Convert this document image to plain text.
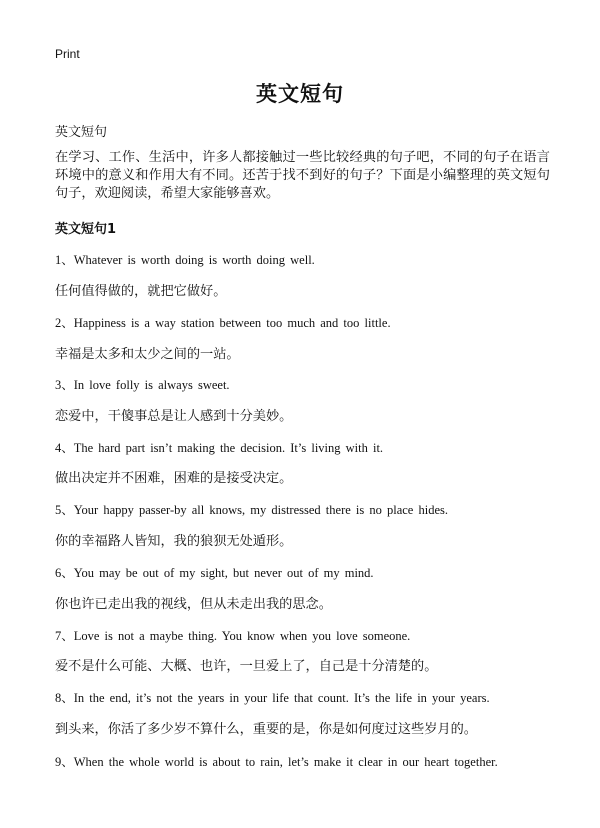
Print
英文短句
英文短句
在学习、工作、生活中，许多人都接触过一些比较经典的句子吧，不同的句子在语言环境中的意义和作用大有不同。还苦于找不到好的句子？下面是小编整理的英文短句句子，欢迎阅读，希望大家能够喜欢。
英文短句1
1、Whatever is worth doing is worth doing well.
任何值得做的，就把它做好。
2、Happiness is a way station between too much and too little.
幸福是太多和太少之间的一站。
3、In love folly is always sweet.
恋爱中，干傻事总是让人感到十分美妙。
4、The hard part isn’t making the decision. It’s living with it.
做出决定并不困难，困难的是接受决定。
5、Your happy passer-by all knows, my distressed there is no place hides.
你的幸福路人皆知，我的狼狈无处遁形。
6、You may be out of my sight, but never out of my mind.
你也许已走出我的视线，但从未走出我的思念。
7、Love is not a maybe thing. You know when you love someone.
爱不是什么可能、大概、也许，一旦爱上了，自己是十分清楚的。
8、In the end, it’s not the years in your life that count. It’s the life in your years.
到头来，你活了多少岁不算什么，重要的是，你是如何度过这些岁月的。
9、When the whole world is about to rain, let’s make it clear in our heart together.
